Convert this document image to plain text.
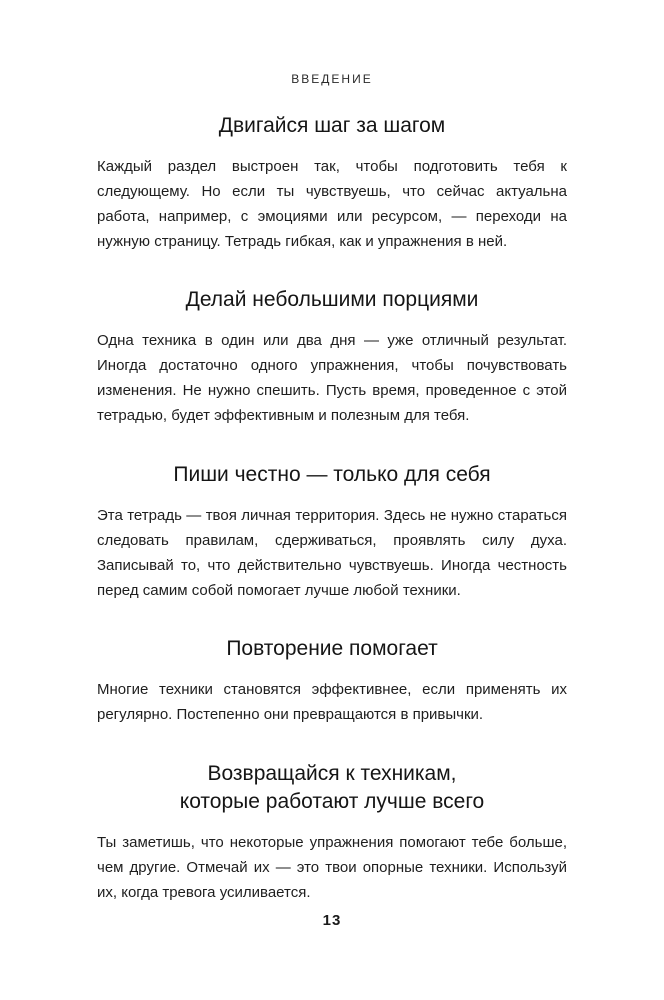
ВВЕДЕНИЕ
Двигайся шаг за шагом

Каждый раздел выстроен так, чтобы подготовить тебя к следующему. Но если ты чувствуешь, что сейчас актуальна работа, например, с эмоциями или ресурсом, — переходи на нужную страницу. Тетрадь гибкая, как и упражнения в ней.

Делай небольшими порциями

Одна техника в один или два дня — уже отличный результат. Иногда достаточно одного упражнения, чтобы почувствовать изменения. Не нужно спешить. Пусть время, проведенное с этой тетрадью, будет эффективным и полезным для тебя.

Пиши честно — только для себя

Эта тетрадь — твоя личная территория. Здесь не нужно стараться следовать правилам, сдерживаться, проявлять силу духа. Записывай то, что действительно чувствуешь. Иногда честность перед самим собой помогает лучше любой техники.

Повторение помогает

Многие техники становятся эффективнее, если применять их регулярно. Постепенно они превращаются в привычки.

Возвращайся к техникам,
которые работают лучше всего

Ты заметишь, что некоторые упражнения помогают тебе больше, чем другие. Отмечай их — это твои опорные техники. Используй их, когда тревога усиливается.

13
